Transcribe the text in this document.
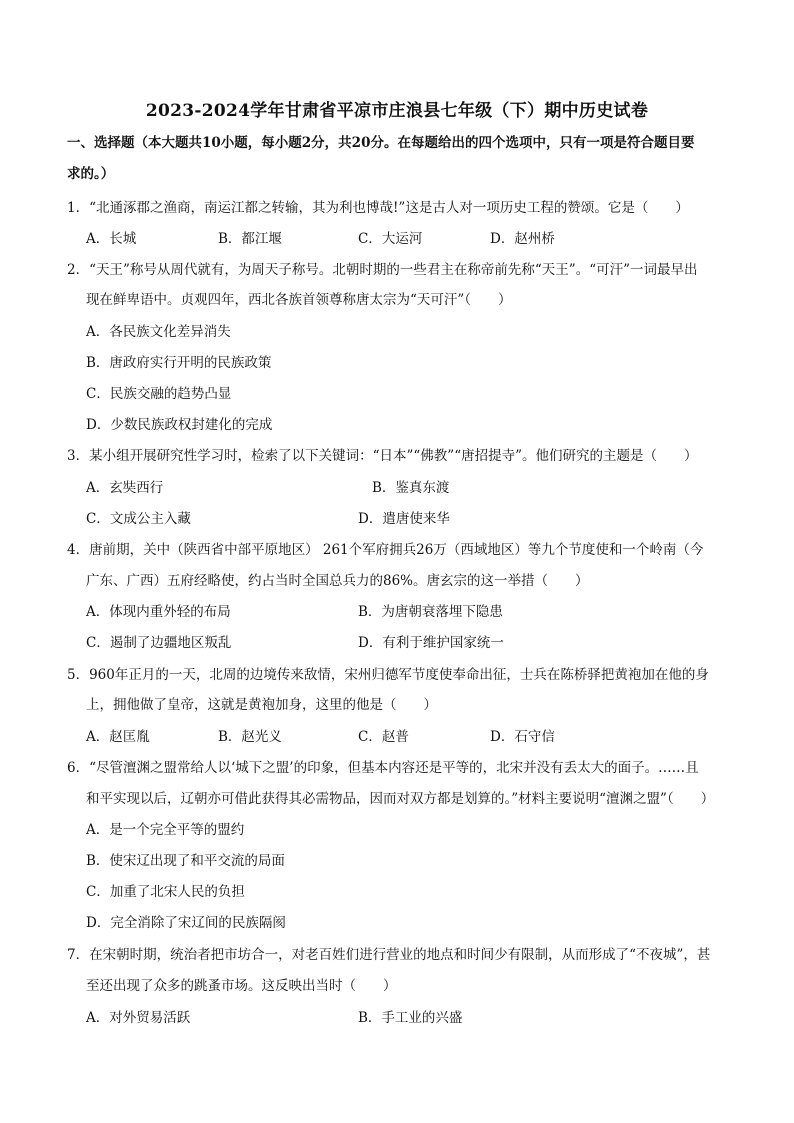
2023-2024学年甘肃省平凉市庄浪县七年级（下）期中历史试卷
一、选择题（本大题共10小题，每小题2分，共20分。在每题给出的四个选项中，只有一项是符合题目要
求的。）
1．“北通涿郡之渔商，南运江都之转输，其为利也博哉!”这是古人对一项历史工程的赞颂。它是（　　）
A．长城	B．都江堰	C．大运河	D．赵州桥
2．“天王”称号从周代就有，为周天子称号。北朝时期的一些君主在称帝前先称“天王”。“可汗”一词最早出
现在鲜卑语中。贞观四年，西北各族首领尊称唐太宗为“天可汗”（　　）
A．各民族文化差异消失
B．唐政府实行开明的民族政策
C．民族交融的趋势凸显
D．少数民族政权封建化的完成
3．某小组开展研究性学习时，检索了以下关键词：“日本”“佛教”“唐招提寺”。他们研究的主题是（　　）
A．玄奘西行	B．鉴真东渡
C．文成公主入藏	D．遣唐使来华
4．唐前期，关中（陕西省中部平原地区） 261个军府拥兵26万（西域地区）等九个节度使和一个岭南（今
广东、广西）五府经略使，约占当时全国总兵力的86%。唐玄宗的这一举措（　　）
A．体现内重外轻的布局	B．为唐朝衰落埋下隐患
C．遏制了边疆地区叛乱	D．有利于维护国家统一
5．960年正月的一天，北周的边境传来敌情，宋州归德军节度使奉命出征，士兵在陈桥驿把黄袍加在他的身
上，拥他做了皇帝，这就是黄袍加身，这里的他是（　　）
A．赵匡胤	B．赵光义	C．赵普	D．石守信
6．“尽管澶渊之盟常给人以‘城下之盟’的印象，但基本内容还是平等的，北宋并没有丢太大的面子。……且
和平实现以后，辽朝亦可借此获得其必需物品，因而对双方都是划算的。”材料主要说明“澶渊之盟”（　　）
A．是一个完全平等的盟约
B．使宋辽出现了和平交流的局面
C．加重了北宋人民的负担
D．完全消除了宋辽间的民族隔阂
7．在宋朝时期，统治者把市坊合一，对老百姓们进行营业的地点和时间少有限制，从而形成了“不夜城”，甚
至还出现了众多的跳蚤市场。这反映出当时（　　）
A．对外贸易活跃	B．手工业的兴盛
